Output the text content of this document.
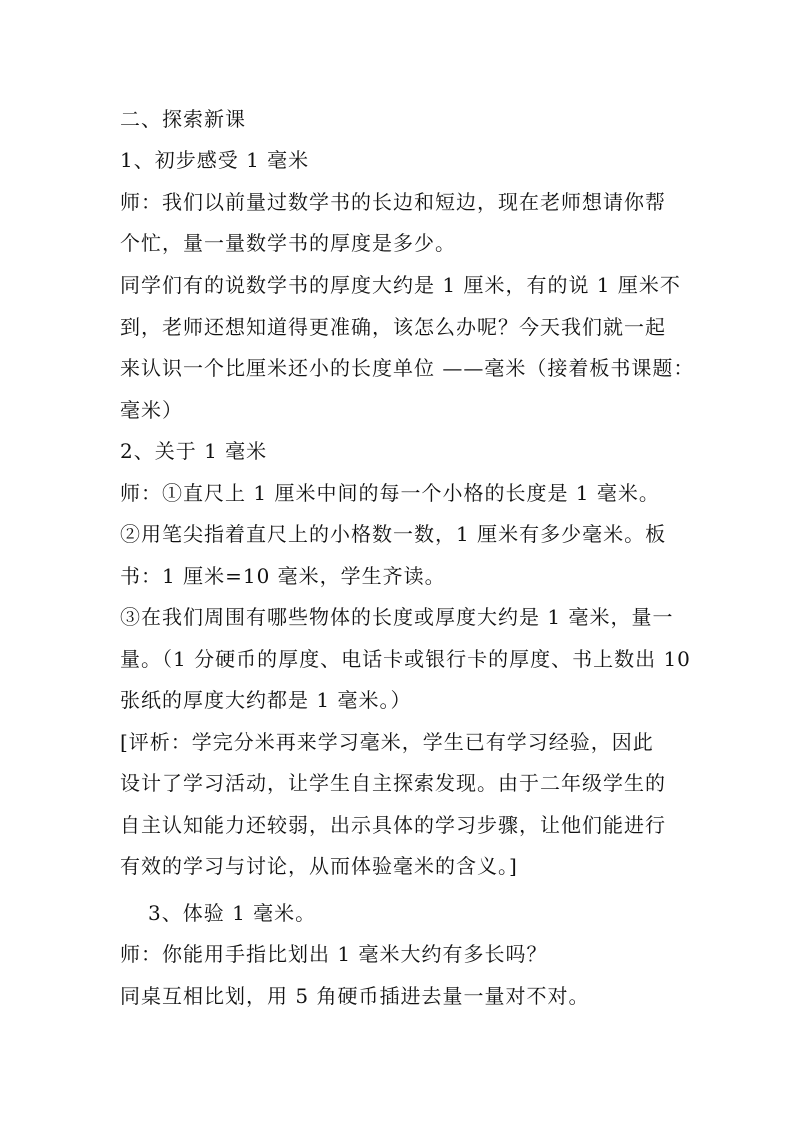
二、探索新课
1、初步感受 1 毫米
师：我们以前量过数学书的长边和短边，现在老师想请你帮
个忙，量一量数学书的厚度是多少。
同学们有的说数学书的厚度大约是 1 厘米，有的说 1 厘米不
到，老师还想知道得更准确，该怎么办呢？今天我们就一起
来认识一个比厘米还小的长度单位 ——毫米（接着板书课题：
毫米）
2、关于 1 毫米
师：①直尺上 1 厘米中间的每一个小格的长度是 1 毫米。
②用笔尖指着直尺上的小格数一数，1 厘米有多少毫米。板
书：1 厘米=10 毫米，学生齐读。
③在我们周围有哪些物体的长度或厚度大约是 1 毫米，量一
量。（1 分硬币的厚度、电话卡或银行卡的厚度、书上数出 10
张纸的厚度大约都是 1 毫米。）
[评析：学完分米再来学习毫米，学生已有学习经验，因此
设计了学习活动，让学生自主探索发现。由于二年级学生的
自主认知能力还较弱，出示具体的学习步骤，让他们能进行
有效的学习与讨论，从而体验毫米的含义。]
3、体验 1 毫米。
师：你能用手指比划出 1 毫米大约有多长吗？
同桌互相比划，用 5 角硬币插进去量一量对不对。
